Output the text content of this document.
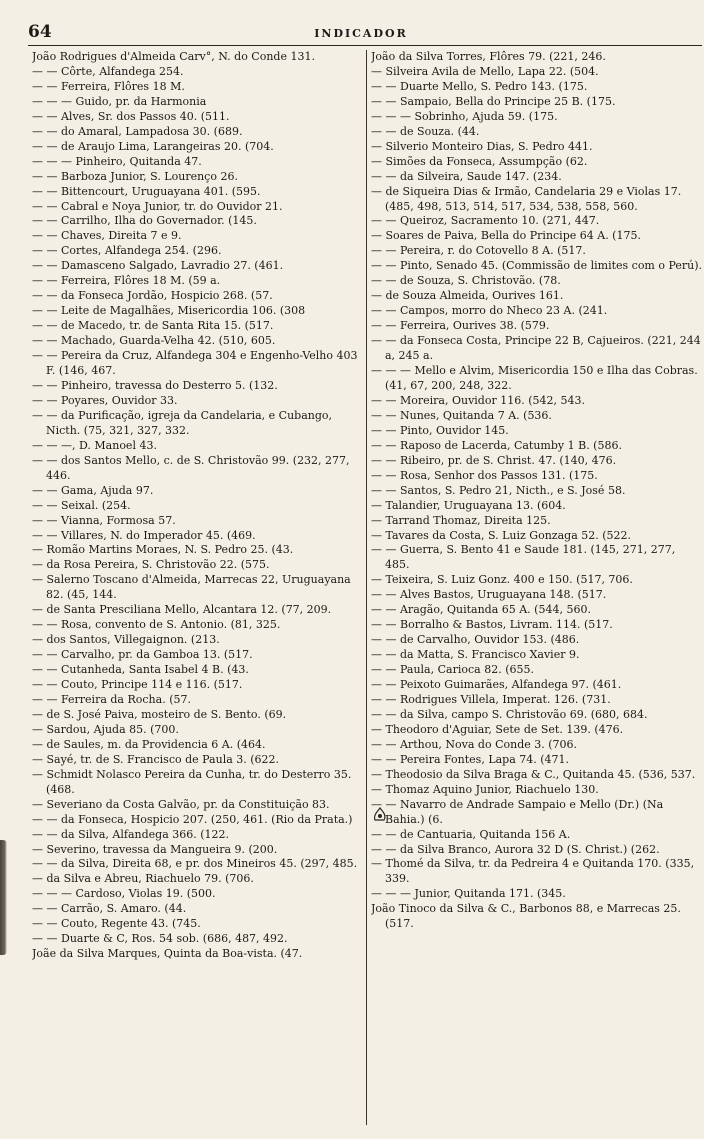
64	INDICADOR
João Rodrigues d'Almeida Carv°, N. do Conde 131.
— — Côrte, Alfandega 254.
— — Ferreira, Flôres 18 M.
— — — Guido, pr. da Harmonia
— — Alves, Sr. dos Passos 40. (511.
— — do Amaral, Lampadosa 30. (689.
— — de Araujo Lima, Larangeiras 20. (704.
— — — Pinheiro, Quitanda 47.
— — Barboza Junior, S. Lourenço 26.
— — Bittencourt, Uruguayana 401. (595.
— — Cabral e Noya Junior, tr. do Ouvidor 21.
— — Carrilho, Ilha do Governador. (145.
— — Chaves, Direita 7 e 9.
— — Cortes, Alfandega 254. (296.
— — Damasceno Salgado, Lavradio 27. (461.
— — Ferreira, Flôres 18 M. (59 a.
— — da Fonseca Jordão, Hospicio 268. (57.
— — Leite de Magalhães, Misericordia 106. (308
— — de Macedo, tr. de Santa Rita 15. (517.
— — Machado, Guarda-Velha 42. (510, 605.
— — Pereira da Cruz, Alfandega 304 e Engenho-Velho 403 F. (146, 467.
— — Pinheiro, travessa do Desterro 5. (132.
— — Poyares, Ouvidor 33.
— — da Purificação, igreja da Candelaria, e Cubango, Nicth. (75, 321, 327, 332.
— — —, D. Manoel 43.
— — dos Santos Mello, c. de S. Christovão 99. (232, 277, 446.
— — Gama, Ajuda 97.
— — Seixal. (254.
— — Vianna, Formosa 57.
— — Villares, N. do Imperador 45. (469.
— Romão Martins Moraes, N. S. Pedro 25. (43.
— da Rosa Pereira, S. Christovão 22. (575.
— Salerno Toscano d'Almeida, Marrecas 22, Uruguayana 82. (45, 144.
— de Santa Presciliana Mello, Alcantara 12. (77, 209.
— — Rosa, convento de S. Antonio. (81, 325.
— dos Santos, Villegaignon. (213.
— — Carvalho, pr. da Gamboa 13. (517.
— — Cutanheda, Santa Isabel 4 B. (43.
— — Couto, Principe 114 e 116. (517.
— — Ferreira da Rocha. (57.
— de S. José Paiva, mosteiro de S. Bento. (69.
— Sardou, Ajuda 85. (700.
— de Saules, m. da Providencia 6 A. (464.
— Sayé, tr. de S. Francisco de Paula 3. (622.
— Schmidt Nolasco Pereira da Cunha, tr. do Desterro 35. (468.
— Severiano da Costa Galvão, pr. da Constituição 83.
— — da Fonseca, Hospicio 207. (250, 461. (Rio da Prata.)
— — da Silva, Alfandega 366. (122.
— Severino, travessa da Mangueira 9. (200.
— — da Silva, Direita 68, e pr. dos Mineiros 45. (297, 485.
— da Silva e Abreu, Riachuelo 79. (706.
— — — Cardoso, Violas 19. (500.
— — Carrão, S. Amaro. (44.
— — Couto, Regente 43. (745.
— — Duarte & C, Ros. 54 sob. (686, 487, 492.
Joãe da Silva Marques, Quinta da Boa-vista. (47.
João da Silva Torres, Flôres 79. (221, 246.
— Silveira Avila de Mello, Lapa 22. (504.
— — Duarte Mello, S. Pedro 143. (175.
— — Sampaio, Bella do Principe 25 B. (175.
— — — Sobrinho, Ajuda 59. (175.
— — de Souza. (44.
— Silverio Monteiro Dias, S. Pedro 441.
— Simões da Fonseca, Assumpção (62.
— — da Silveira, Saude 147. (234.
— de Siqueira Dias & Irmão, Candelaria 29 e Violas 17. (485, 498, 513, 514, 517, 534, 538, 558, 560.
— — Queiroz, Sacramento 10. (271, 447.
— Soares de Paiva, Bella do Principe 64 A. (175.
— — Pereira, r. do Cotovello 8 A. (517.
— — Pinto, Senado 45. (Commissão de limites com o Perú).
— — de Souza, S. Christovão. (78.
— de Souza Almeida, Ourives 161.
— — Campos, morro do Nheco 23 A. (241.
— — Ferreira, Ourives 38. (579.
— — da Fonseca Costa, Principe 22 B, Cajueiros. (221, 244 a, 245 a.
— — — Mello e Alvim, Misericordia 150 e Ilha das Cobras. (41, 67, 200, 248, 322.
— — Moreira, Ouvidor 116. (542, 543.
— — Nunes, Quitanda 7 A. (536.
— — Pinto, Ouvidor 145.
— — Raposo de Lacerda, Catumby 1 B. (586.
— — Ribeiro, pr. de S. Christ. 47. (140, 476.
— — Rosa, Senhor dos Passos 131. (175.
— — Santos, S. Pedro 21, Nicth., e S. José 58.
— Talandier, Uruguayana 13. (604.
— Tarrand Thomaz, Direita 125.
— Tavares da Costa, S. Luiz Gonzaga 52. (522.
— — Guerra, S. Bento 41 e Saude 181. (145, 271, 277, 485.
— Teixeira, S. Luiz Gonz. 400 e 150. (517, 706.
— — Alves Bastos, Uruguayana 148. (517.
— — Aragão, Quitanda 65 A. (544, 560.
— — Borralho & Bastos, Livram. 114. (517.
— — de Carvalho, Ouvidor 153. (486.
— — da Matta, S. Francisco Xavier 9.
— — Paula, Carioca 82. (655.
— — Peixoto Guimarães, Alfandega 97. (461.
— — Rodrigues Villela, Imperat. 126. (731.
— — da Silva, campo S. Christovão 69. (680, 684.
— Theodoro d'Aguiar, Sete de Set. 139. (476.
— — Arthou, Nova do Conde 3. (706.
— — Pereira Fontes, Lapa 74. (471.
— Theodosio da Silva Braga & C., Quitanda 45. (536, 537.
— Thomaz Aquino Junior, Riachuelo 130.
— — Navarro de Andrade Sampaio e Mello (Dr.) (Na Bahia.) (6.
— — de Cantuaria, Quitanda 156 A.
— — da Silva Branco, Aurora 32 D (S. Christ.) (262.
— Thomé da Silva, tr. da Pedreira 4 e Quitanda 170. (335, 339.
— — — Junior, Quitanda 171. (345.
João Tinoco da Silva & C., Barbonos 88, e Marrecas 25. (517.
